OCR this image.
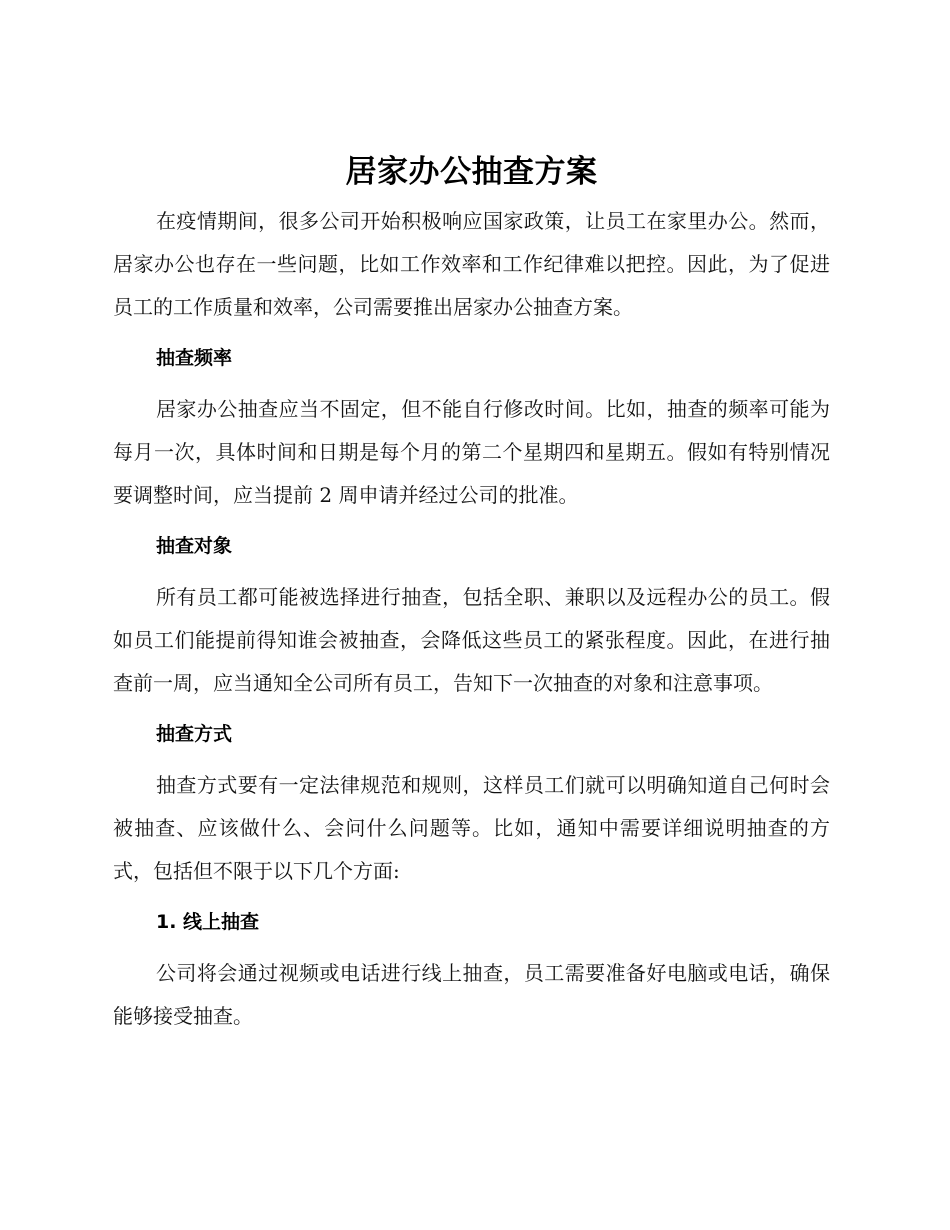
居家办公抽查方案

在疫情期间，很多公司开始积极响应国家政策，让员工在家里办公。然而，居家办公也存在一些问题，比如工作效率和工作纪律难以把控。因此，为了促进员工的工作质量和效率，公司需要推出居家办公抽查方案。

抽查频率

居家办公抽查应当不固定，但不能自行修改时间。比如，抽查的频率可能为每月一次，具体时间和日期是每个月的第二个星期四和星期五。假如有特别情况要调整时间，应当提前 2 周申请并经过公司的批准。

抽查对象

所有员工都可能被选择进行抽查，包括全职、兼职以及远程办公的员工。假如员工们能提前得知谁会被抽查，会降低这些员工的紧张程度。因此，在进行抽查前一周，应当通知全公司所有员工，告知下一次抽查的对象和注意事项。

抽查方式

抽查方式要有一定法律规范和规则，这样员工们就可以明确知道自己何时会被抽查、应该做什么、会问什么问题等。比如，通知中需要详细说明抽查的方式，包括但不限于以下几个方面:

1. 线上抽查

公司将会通过视频或电话进行线上抽查，员工需要准备好电脑或电话，确保能够接受抽查。
